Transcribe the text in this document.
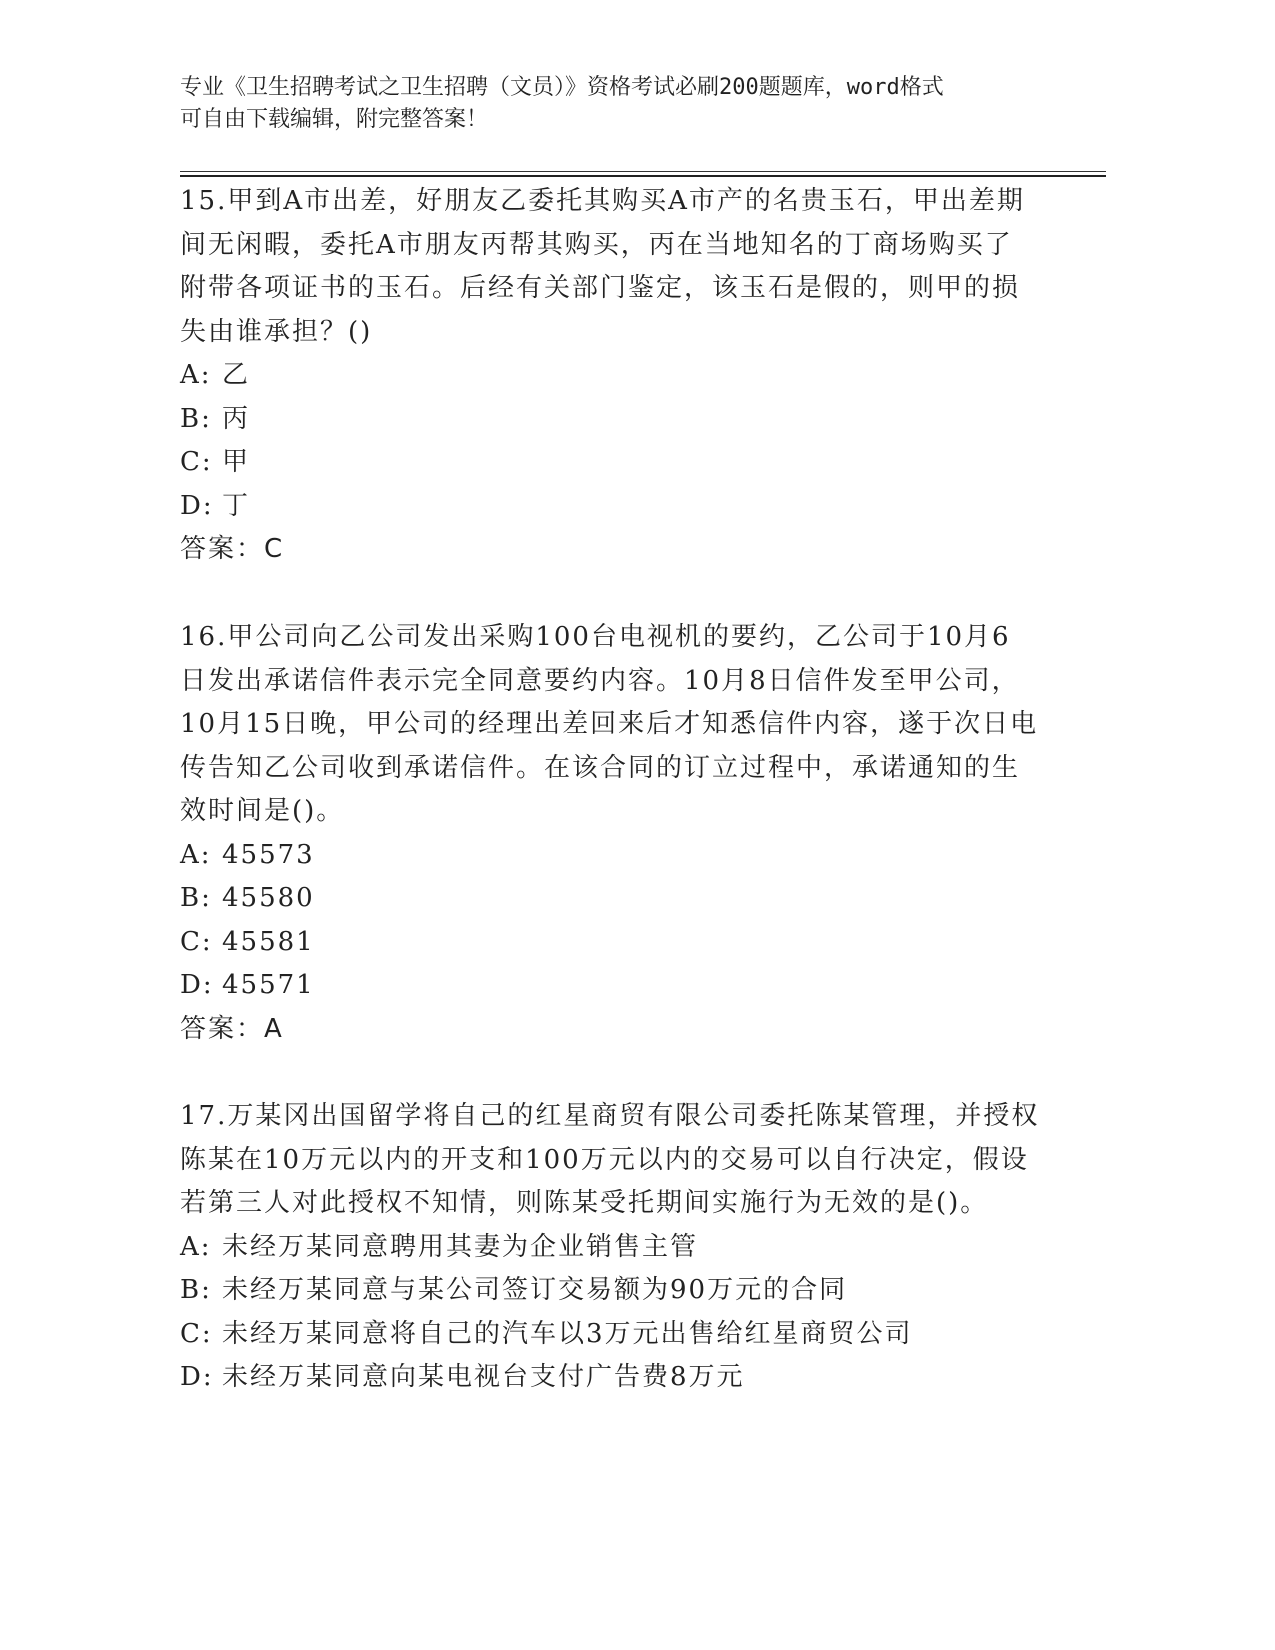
专业《卫生招聘考试之卫生招聘（文员）》资格考试必刷200题题库，word格式
可自由下载编辑，附完整答案！
15.甲到A市出差，好朋友乙委托其购买A市产的名贵玉石，甲出差期
间无闲暇，委托A市朋友丙帮其购买，丙在当地知名的丁商场购买了
附带各项证书的玉石。后经有关部门鉴定，该玉石是假的，则甲的损
失由谁承担？()
A: 乙
B: 丙
C: 甲
D: 丁
答案：C
16.甲公司向乙公司发出采购100台电视机的要约，乙公司于10月6
日发出承诺信件表示完全同意要约内容。10月8日信件发至甲公司，
10月15日晚，甲公司的经理出差回来后才知悉信件内容，遂于次日电
传告知乙公司收到承诺信件。在该合同的订立过程中，承诺通知的生
效时间是()。
A: 45573
B: 45580
C: 45581
D: 45571
答案：A
17.万某冈出国留学将自己的红星商贸有限公司委托陈某管理，并授权
陈某在10万元以内的开支和100万元以内的交易可以自行决定，假设
若第三人对此授权不知情，则陈某受托期间实施行为无效的是()。
A: 未经万某同意聘用其妻为企业销售主管
B: 未经万某同意与某公司签订交易额为90万元的合同
C: 未经万某同意将自己的汽车以3万元出售给红星商贸公司
D: 未经万某同意向某电视台支付广告费8万元
